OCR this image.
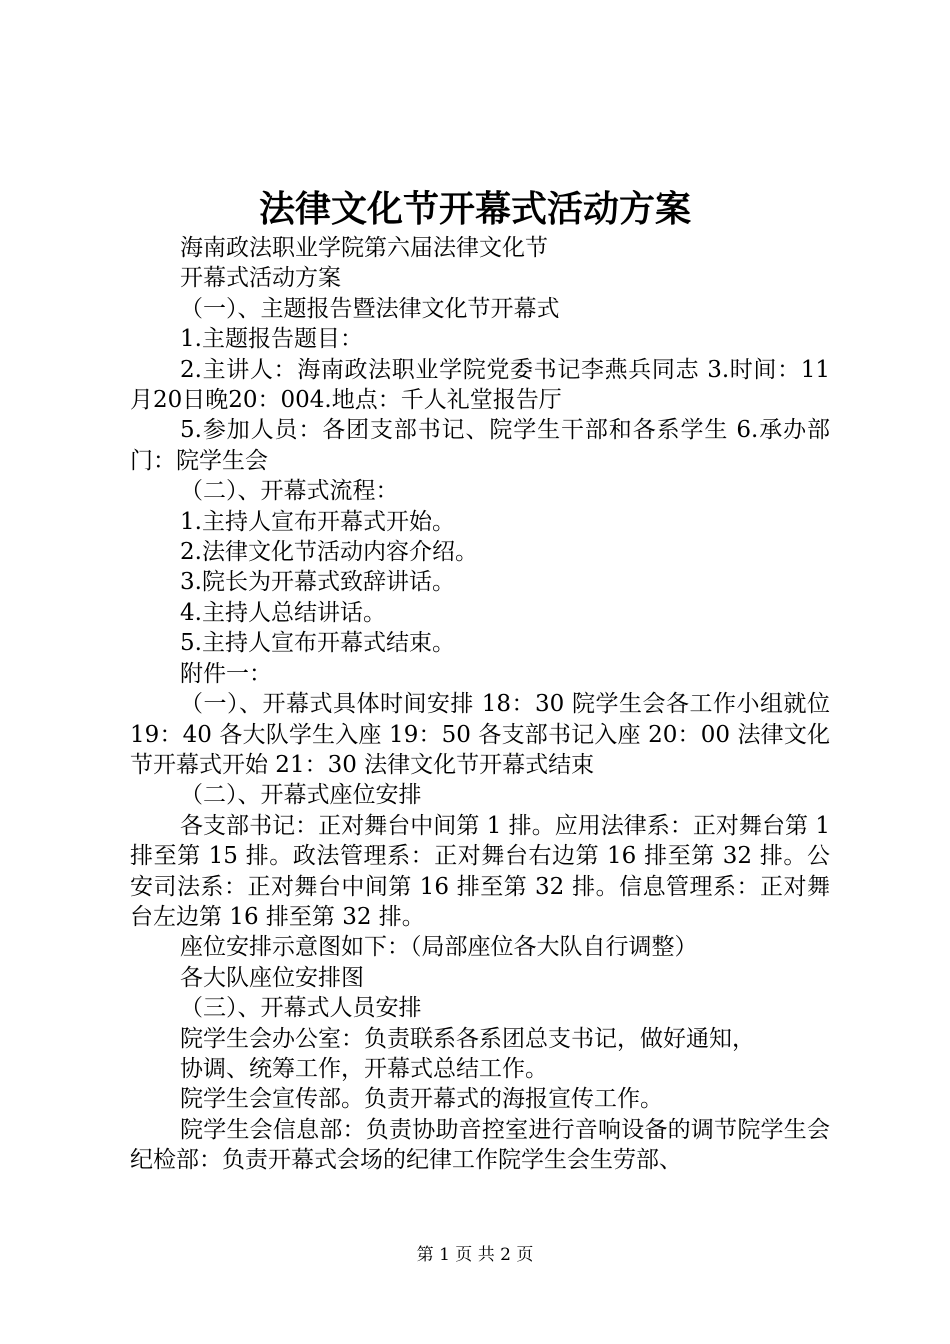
法律文化节开幕式活动方案

海南政法职业学院第六届法律文化节

开幕式活动方案

（一）、主题报告暨法律文化节开幕式

1.主题报告题目：

2.主讲人：海南政法职业学院党委书记李燕兵同志 3.时间：11月20日晚20：004.地点：千人礼堂报告厅

5.参加人员：各团支部书记、院学生干部和各系学生 6.承办部门：院学生会

（二）、开幕式流程：

1.主持人宣布开幕式开始。

2.法律文化节活动内容介绍。

3.院长为开幕式致辞讲话。

4.主持人总结讲话。

5.主持人宣布开幕式结束。

附件一：

（一）、开幕式具体时间安排 18：30 院学生会各工作小组就位 19：40 各大队学生入座 19：50 各支部书记入座 20：00 法律文化节开幕式开始 21：30 法律文化节开幕式结束

（二）、开幕式座位安排

各支部书记：正对舞台中间第 1 排。应用法律系：正对舞台第 1 排至第 15 排。政法管理系：正对舞台右边第 16 排至第 32 排。公安司法系：正对舞台中间第 16 排至第 32 排。信息管理系：正对舞台左边第 16 排至第 32 排。

座位安排示意图如下：（局部座位各大队自行调整）

各大队座位安排图

（三）、开幕式人员安排

院学生会办公室：负责联系各系团总支书记，做好通知，

协调、统筹工作，开幕式总结工作。

院学生会宣传部。负责开幕式的海报宣传工作。

院学生会信息部：负责协助音控室进行音响设备的调节院学生会纪检部：负责开幕式会场的纪律工作院学生会生劳部、

第 1 页 共 2 页
